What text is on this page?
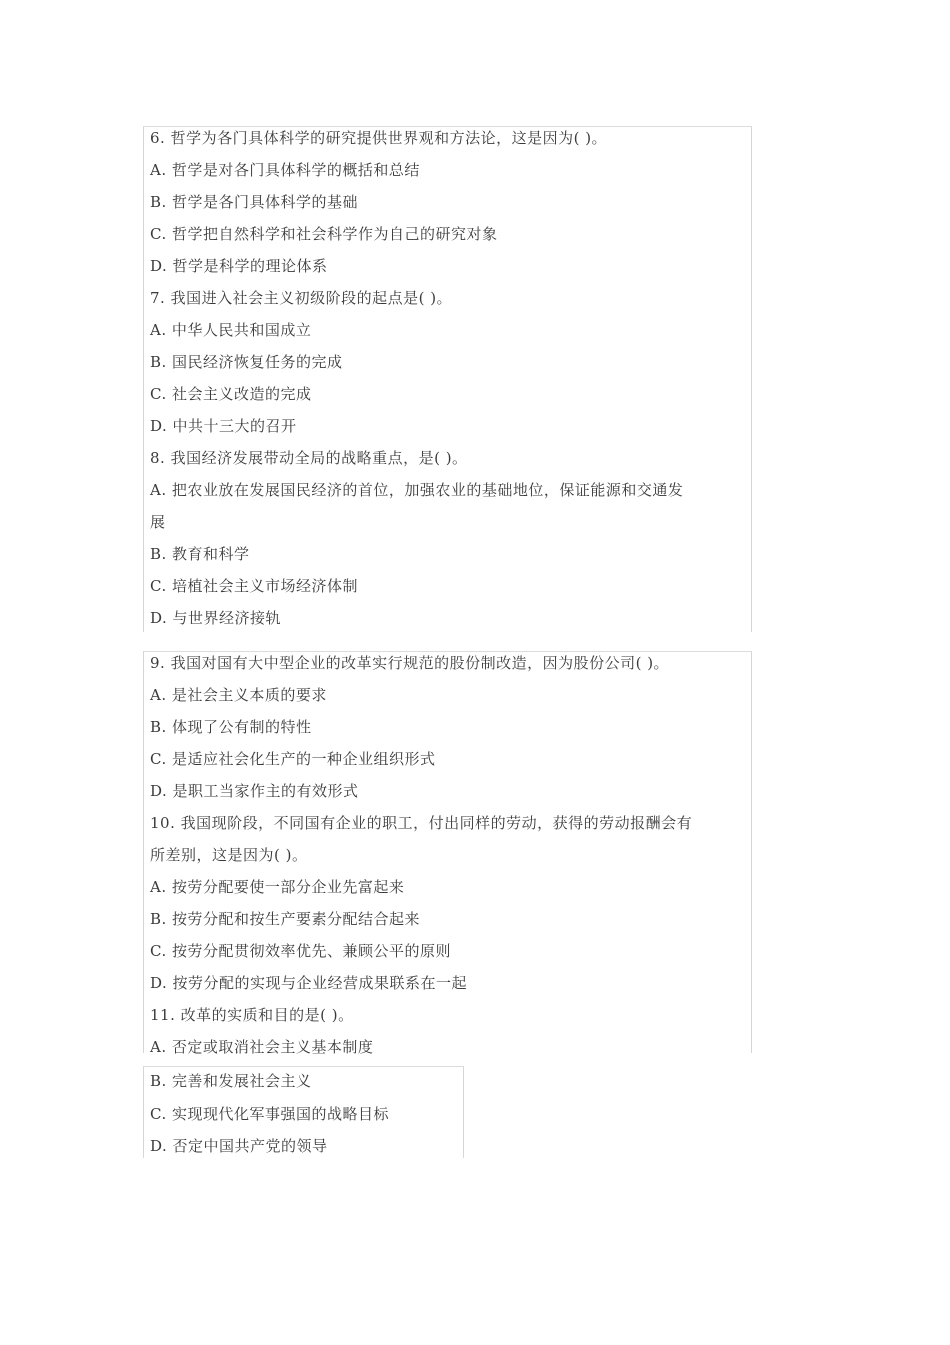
6. 哲学为各门具体科学的研究提供世界观和方法论，这是因为( )。
A. 哲学是对各门具体科学的概括和总结
B. 哲学是各门具体科学的基础
C. 哲学把自然科学和社会科学作为自己的研究对象
D. 哲学是科学的理论体系
7. 我国进入社会主义初级阶段的起点是( )。
A. 中华人民共和国成立
B. 国民经济恢复任务的完成
C. 社会主义改造的完成
D. 中共十三大的召开
8. 我国经济发展带动全局的战略重点，是( )。
A. 把农业放在发展国民经济的首位，加强农业的基础地位，保证能源和交通发
展
B. 教育和科学
C. 培植社会主义市场经济体制
D. 与世界经济接轨
9. 我国对国有大中型企业的改革实行规范的股份制改造，因为股份公司( )。
A. 是社会主义本质的要求
B. 体现了公有制的特性
C. 是适应社会化生产的一种企业组织形式
D. 是职工当家作主的有效形式
10. 我国现阶段，不同国有企业的职工，付出同样的劳动，获得的劳动报酬会有
所差别，这是因为( )。
A. 按劳分配要使一部分企业先富起来
B. 按劳分配和按生产要素分配结合起来
C. 按劳分配贯彻效率优先、兼顾公平的原则
D. 按劳分配的实现与企业经营成果联系在一起
11. 改革的实质和目的是( )。
A. 否定或取消社会主义基本制度
B. 完善和发展社会主义
C. 实现现代化军事强国的战略目标
D. 否定中国共产党的领导
